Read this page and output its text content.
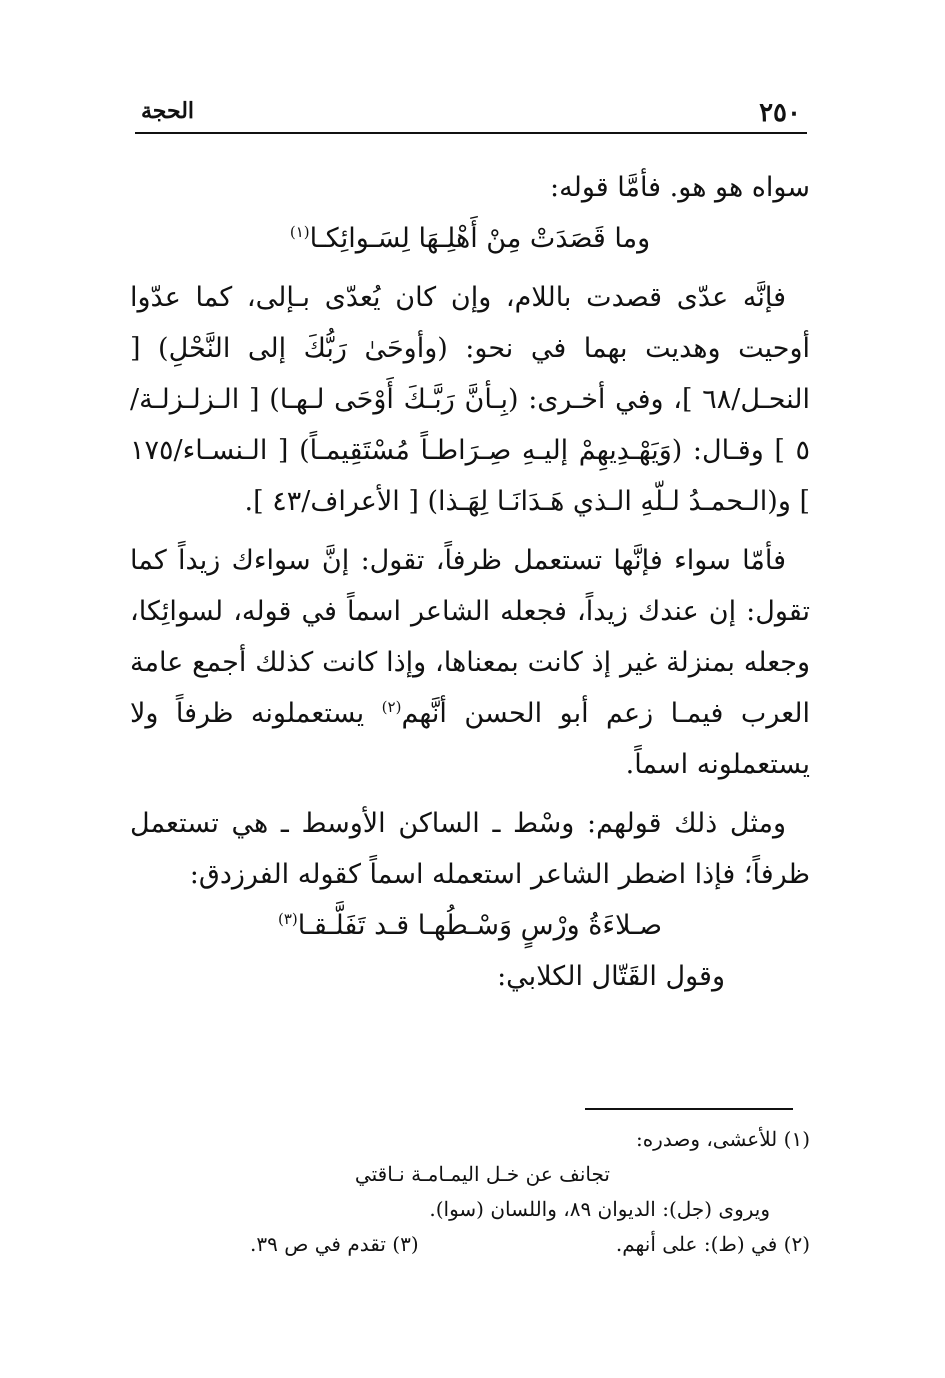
٢٥٠
الحجة

سواه هو هو. فأمَّا قوله:

وما قَصَدَتْ مِنْ أَهْلِـهَا لِسَـوائِكـا$^{(١)}$

فإنَّه عدّى قصدت باللام، وإن كان يُعدّى بـإلى، كما عدّوا أوحيت وهديت بهما في نحو: (وأوحَىٰ رَبُّكَ إلى النَّحْلِ) [ النحـل/٦٨ ]، وفي أخـرى: (بِـأنَّ رَبَّـكَ أَوْحَى لـهـا) [ الـزلـزلـة/٥ ] وقـال: (وَيَهْـدِيهِمْ إليـهِ صِـرَاطـاً مُسْتَقِيمـاً) [ الـنسـاء/١٧٥ ] و(الـحمـدُ لـلّهِ الـذي هَـدَانَـا لِهَـذا) [ الأعراف/٤٣ ].

فأمّا سواء فإنَّها تستعمل ظرفاً، تقول: إنَّ سواءك زيداً كما تقول: إن عندك زيداً، فجعله الشاعر اسماً في قوله، لسوائِكا، وجعله بمنزلة غير إذ كانت بمعناها، وإذا كانت كذلك أجمع عامة العرب فيمـا زعم أبو الحسن أنَّهم$^{(٢)}$ يستعملونه ظرفاً ولا يستعملونه اسماً.

ومثل ذلك قولهم: وسْط ـ الساكن الأوسط ـ هي تستعمل ظرفاً؛ فإذا اضطر الشاعر استعمله اسماً كقوله الفرزدق:

صـلاءَةُ ورْسٍ وَسْـطُهـا قـد تَفَلَّـقـا$^{(٣)}$

وقول القَتّال الكلابي:

(١) للأعشى، وصدره:

تجانف عن خـل اليمـامـة نـاقتي

ويروى (جل): الديوان ٨٩، واللسان (سوا).

(٢) في (ط): على أنهم.
(٣) تقدم في ص ٣٩.
